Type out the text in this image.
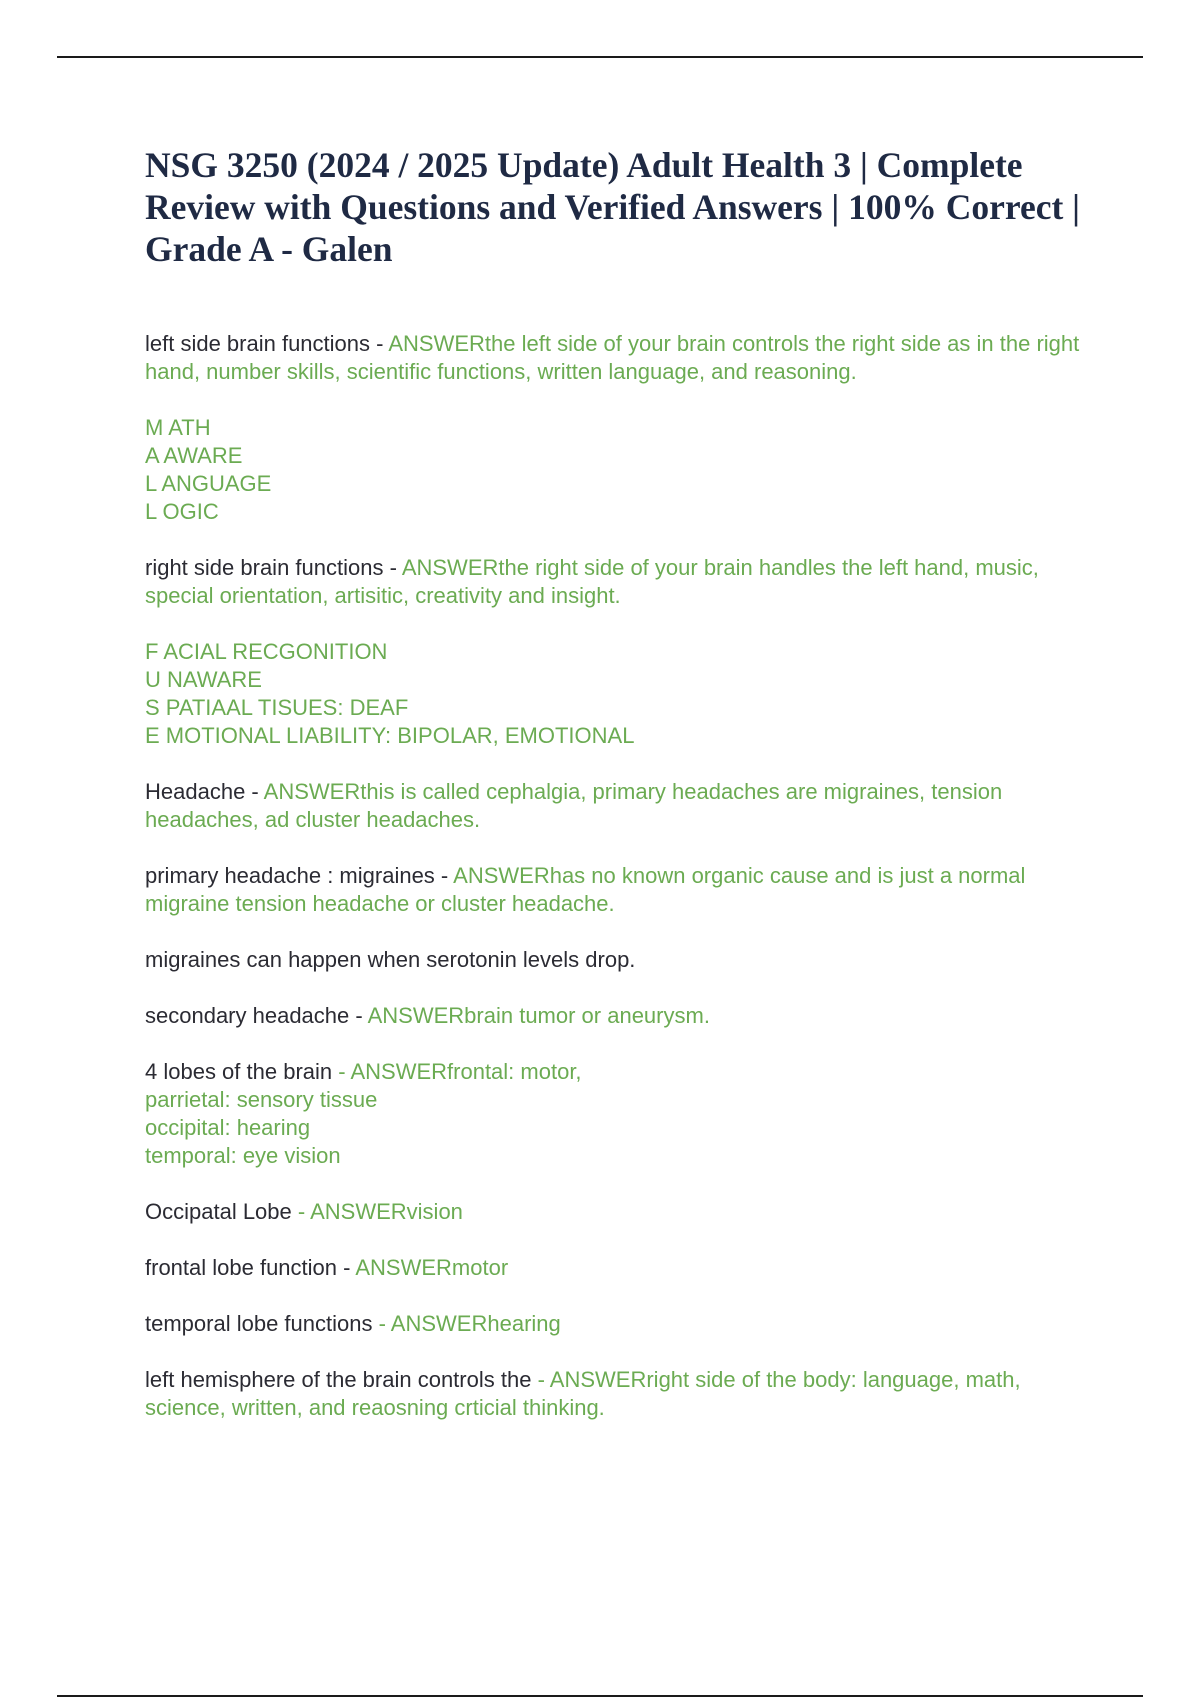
NSG 3250 (2024 / 2025 Update) Adult Health 3 | Complete Review with Questions and Verified Answers | 100% Correct | Grade A - Galen

left side brain functions - ANSWERthe left side of your brain controls the right side as in the right hand, number skills, scientific functions, written language, and reasoning.

M ATH
A AWARE
L ANGUAGE
L OGIC

right side brain functions - ANSWERthe right side of your brain handles the left hand, music, special orientation, artisitic, creativity and insight.

F ACIAL RECGONITION
U NAWARE
S PATIAAL TISUES: DEAF
E MOTIONAL LIABILITY: BIPOLAR, EMOTIONAL

Headache - ANSWERthis is called cephalgia, primary headaches are migraines, tension headaches, ad cluster headaches.

primary headache : migraines - ANSWERhas no known organic cause and is just a normal migraine tension headache or cluster headache.

migraines can happen when serotonin levels drop.

secondary headache - ANSWERbrain tumor or aneurysm.

4 lobes of the brain - ANSWERfrontal: motor,
parrietal: sensory tissue
occipital: hearing
temporal: eye vision

Occipatal Lobe - ANSWERvision

frontal lobe function - ANSWERmotor

temporal lobe functions - ANSWERhearing

left hemisphere of the brain controls the - ANSWERright side of the body: language, math, science, written, and reaosning crticial thinking.
